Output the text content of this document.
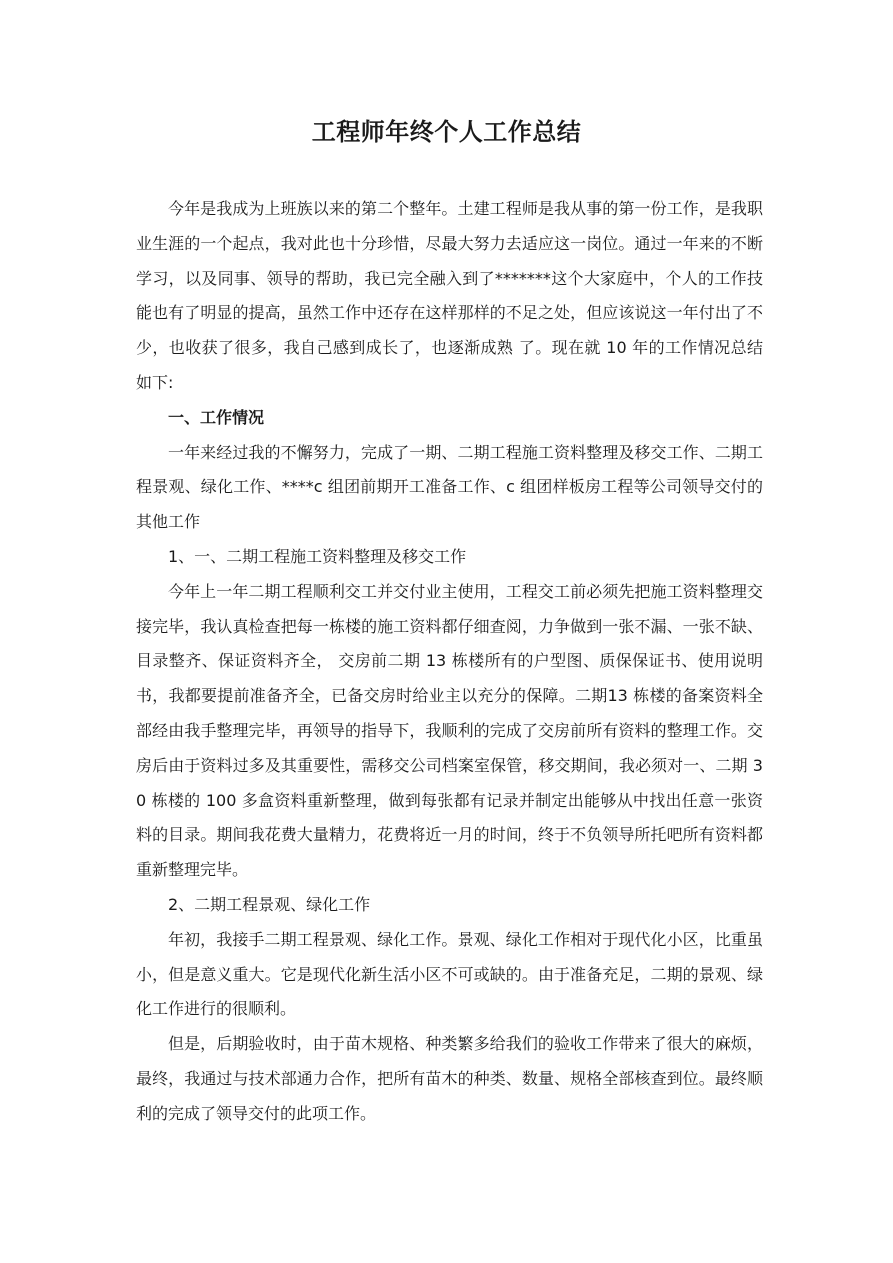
工程师年终个人工作总结

今年是我成为上班族以来的第二个整年。土建工程师是我从事的第一份工作，是我职业生涯的一个起点，我对此也十分珍惜，尽最大努力去适应这一岗位。通过一年来的不断学习，以及同事、领导的帮助，我已完全融入到了*******这个大家庭中，个人的工作技能也有了明显的提高，虽然工作中还存在这样那样的不足之处，但应该说这一年付出了不少，也收获了很多，我自己感到成长了，也逐渐成熟 了。现在就 10 年的工作情况总结如下:

一、工作情况

一年来经过我的不懈努力，完成了一期、二期工程施工资料整理及移交工作、二期工程景观、绿化工作、****c 组团前期开工准备工作、c 组团样板房工程等公司领导交付的其他工作

1、一、二期工程施工资料整理及移交工作

今年上一年二期工程顺利交工并交付业主使用，工程交工前必须先把施工资料整理交接完毕，我认真检查把每一栋楼的施工资料都仔细查阅，力争做到一张不漏、一张不缺、目录整齐、保证资料齐全， 交房前二期 13 栋楼所有的户型图、质保保证书、使用说明书，我都要提前准备齐全，已备交房时给业主以充分的保障。二期13 栋楼的备案资料全部经由我手整理完毕，再领导的指导下，我顺利的完成了交房前所有资料的整理工作。交房后由于资料过多及其重要性，需移交公司档案室保管，移交期间，我必须对一、二期 30 栋楼的 100 多盒资料重新整理，做到每张都有记录并制定出能够从中找出任意一张资料的目录。期间我花费大量精力，花费将近一月的时间，终于不负领导所托吧所有资料都重新整理完毕。

2、二期工程景观、绿化工作

年初，我接手二期工程景观、绿化工作。景观、绿化工作相对于现代化小区，比重虽小，但是意义重大。它是现代化新生活小区不可或缺的。由于准备充足，二期的景观、绿化工作进行的很顺利。

但是，后期验收时，由于苗木规格、种类繁多给我们的验收工作带来了很大的麻烦，最终，我通过与技术部通力合作，把所有苗木的种类、数量、规格全部核查到位。最终顺利的完成了领导交付的此项工作。
